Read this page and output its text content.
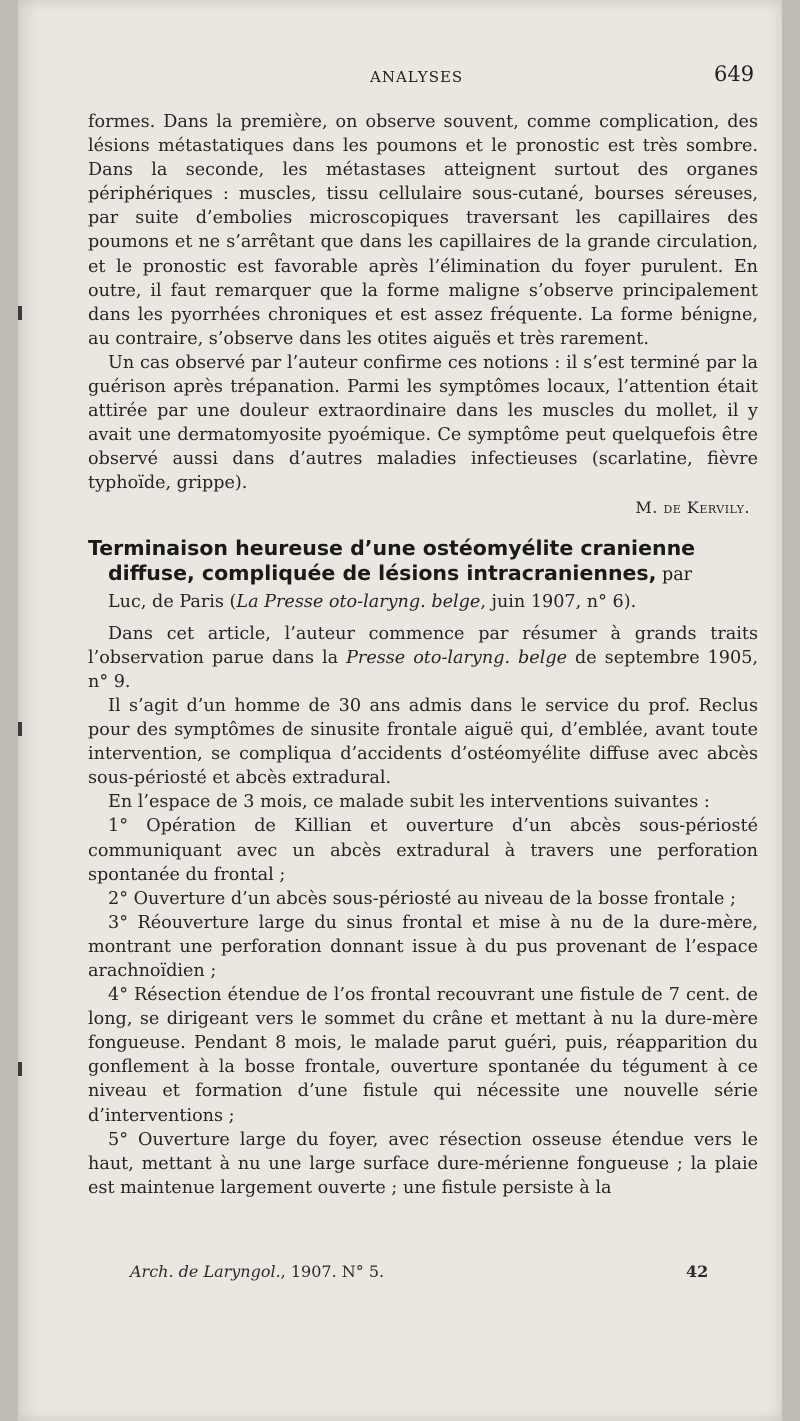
ANALYSES	649

formes. Dans la première, on observe souvent, comme complication, des lésions métastatiques dans les poumons et le pronostic est très sombre. Dans la seconde, les métastases atteignent surtout des organes périphériques : muscles, tissu cellulaire sous-cutané, bourses séreuses, par suite d’embolies microscopiques traversant les capillaires des poumons et ne s’arrêtant que dans les capillaires de la grande circulation, et le pronostic est favorable après l’élimination du foyer purulent. En outre, il faut remarquer que la forme maligne s’observe principalement dans les pyorrhées chroniques et est assez fréquente. La forme bénigne, au contraire, s’observe dans les otites aiguës et très rarement.

Un cas observé par l’auteur confirme ces notions : il s’est terminé par la guérison après trépanation. Parmi les symptômes locaux, l’attention était attirée par une douleur extraordinaire dans les muscles du mollet, il y avait une dermatomyosite pyoémique. Ce symptôme peut quelquefois être observé aussi dans d’autres maladies infectieuses (scarlatine, fièvre typhoïde, grippe).

M. de Kervily.

Terminaison heureuse d’une ostéomyélite cranienne
diffuse, compliquée de lésions intracraniennes, par

Luc, de Paris (La Presse oto-laryng. belge, juin 1907, n° 6).

Dans cet article, l’auteur commence par résumer à grands traits l’observation parue dans la Presse oto-laryng. belge de septembre 1905, n° 9.

Il s’agit d’un homme de 30 ans admis dans le service du prof. Reclus pour des symptômes de sinusite frontale aiguë qui, d’emblée, avant toute intervention, se compliqua d’accidents d’ostéomyélite diffuse avec abcès sous-périosté et abcès extradural.

En l’espace de 3 mois, ce malade subit les interventions suivantes :

1° Opération de Killian et ouverture d’un abcès sous-périosté communiquant avec un abcès extradural à travers une perforation spontanée du frontal ;

2° Ouverture d’un abcès sous-périosté au niveau de la bosse frontale ;

3° Réouverture large du sinus frontal et mise à nu de la dure-mère, montrant une perforation donnant issue à du pus provenant de l’espace arachnoïdien ;

4° Résection étendue de l’os frontal recouvrant une fistule de 7 cent. de long, se dirigeant vers le sommet du crâne et mettant à nu la dure-mère fongueuse. Pendant 8 mois, le malade parut guéri, puis, réapparition du gonflement à la bosse frontale, ouverture spontanée du tégument à ce niveau et formation d’une fistule qui nécessite une nouvelle série d’interventions ;

5° Ouverture large du foyer, avec résection osseuse étendue vers le haut, mettant à nu une large surface dure-mérienne fongueuse ; la plaie est maintenue largement ouverte ; une fistule persiste à la

Arch. de Laryngol., 1907. N° 5.	42
